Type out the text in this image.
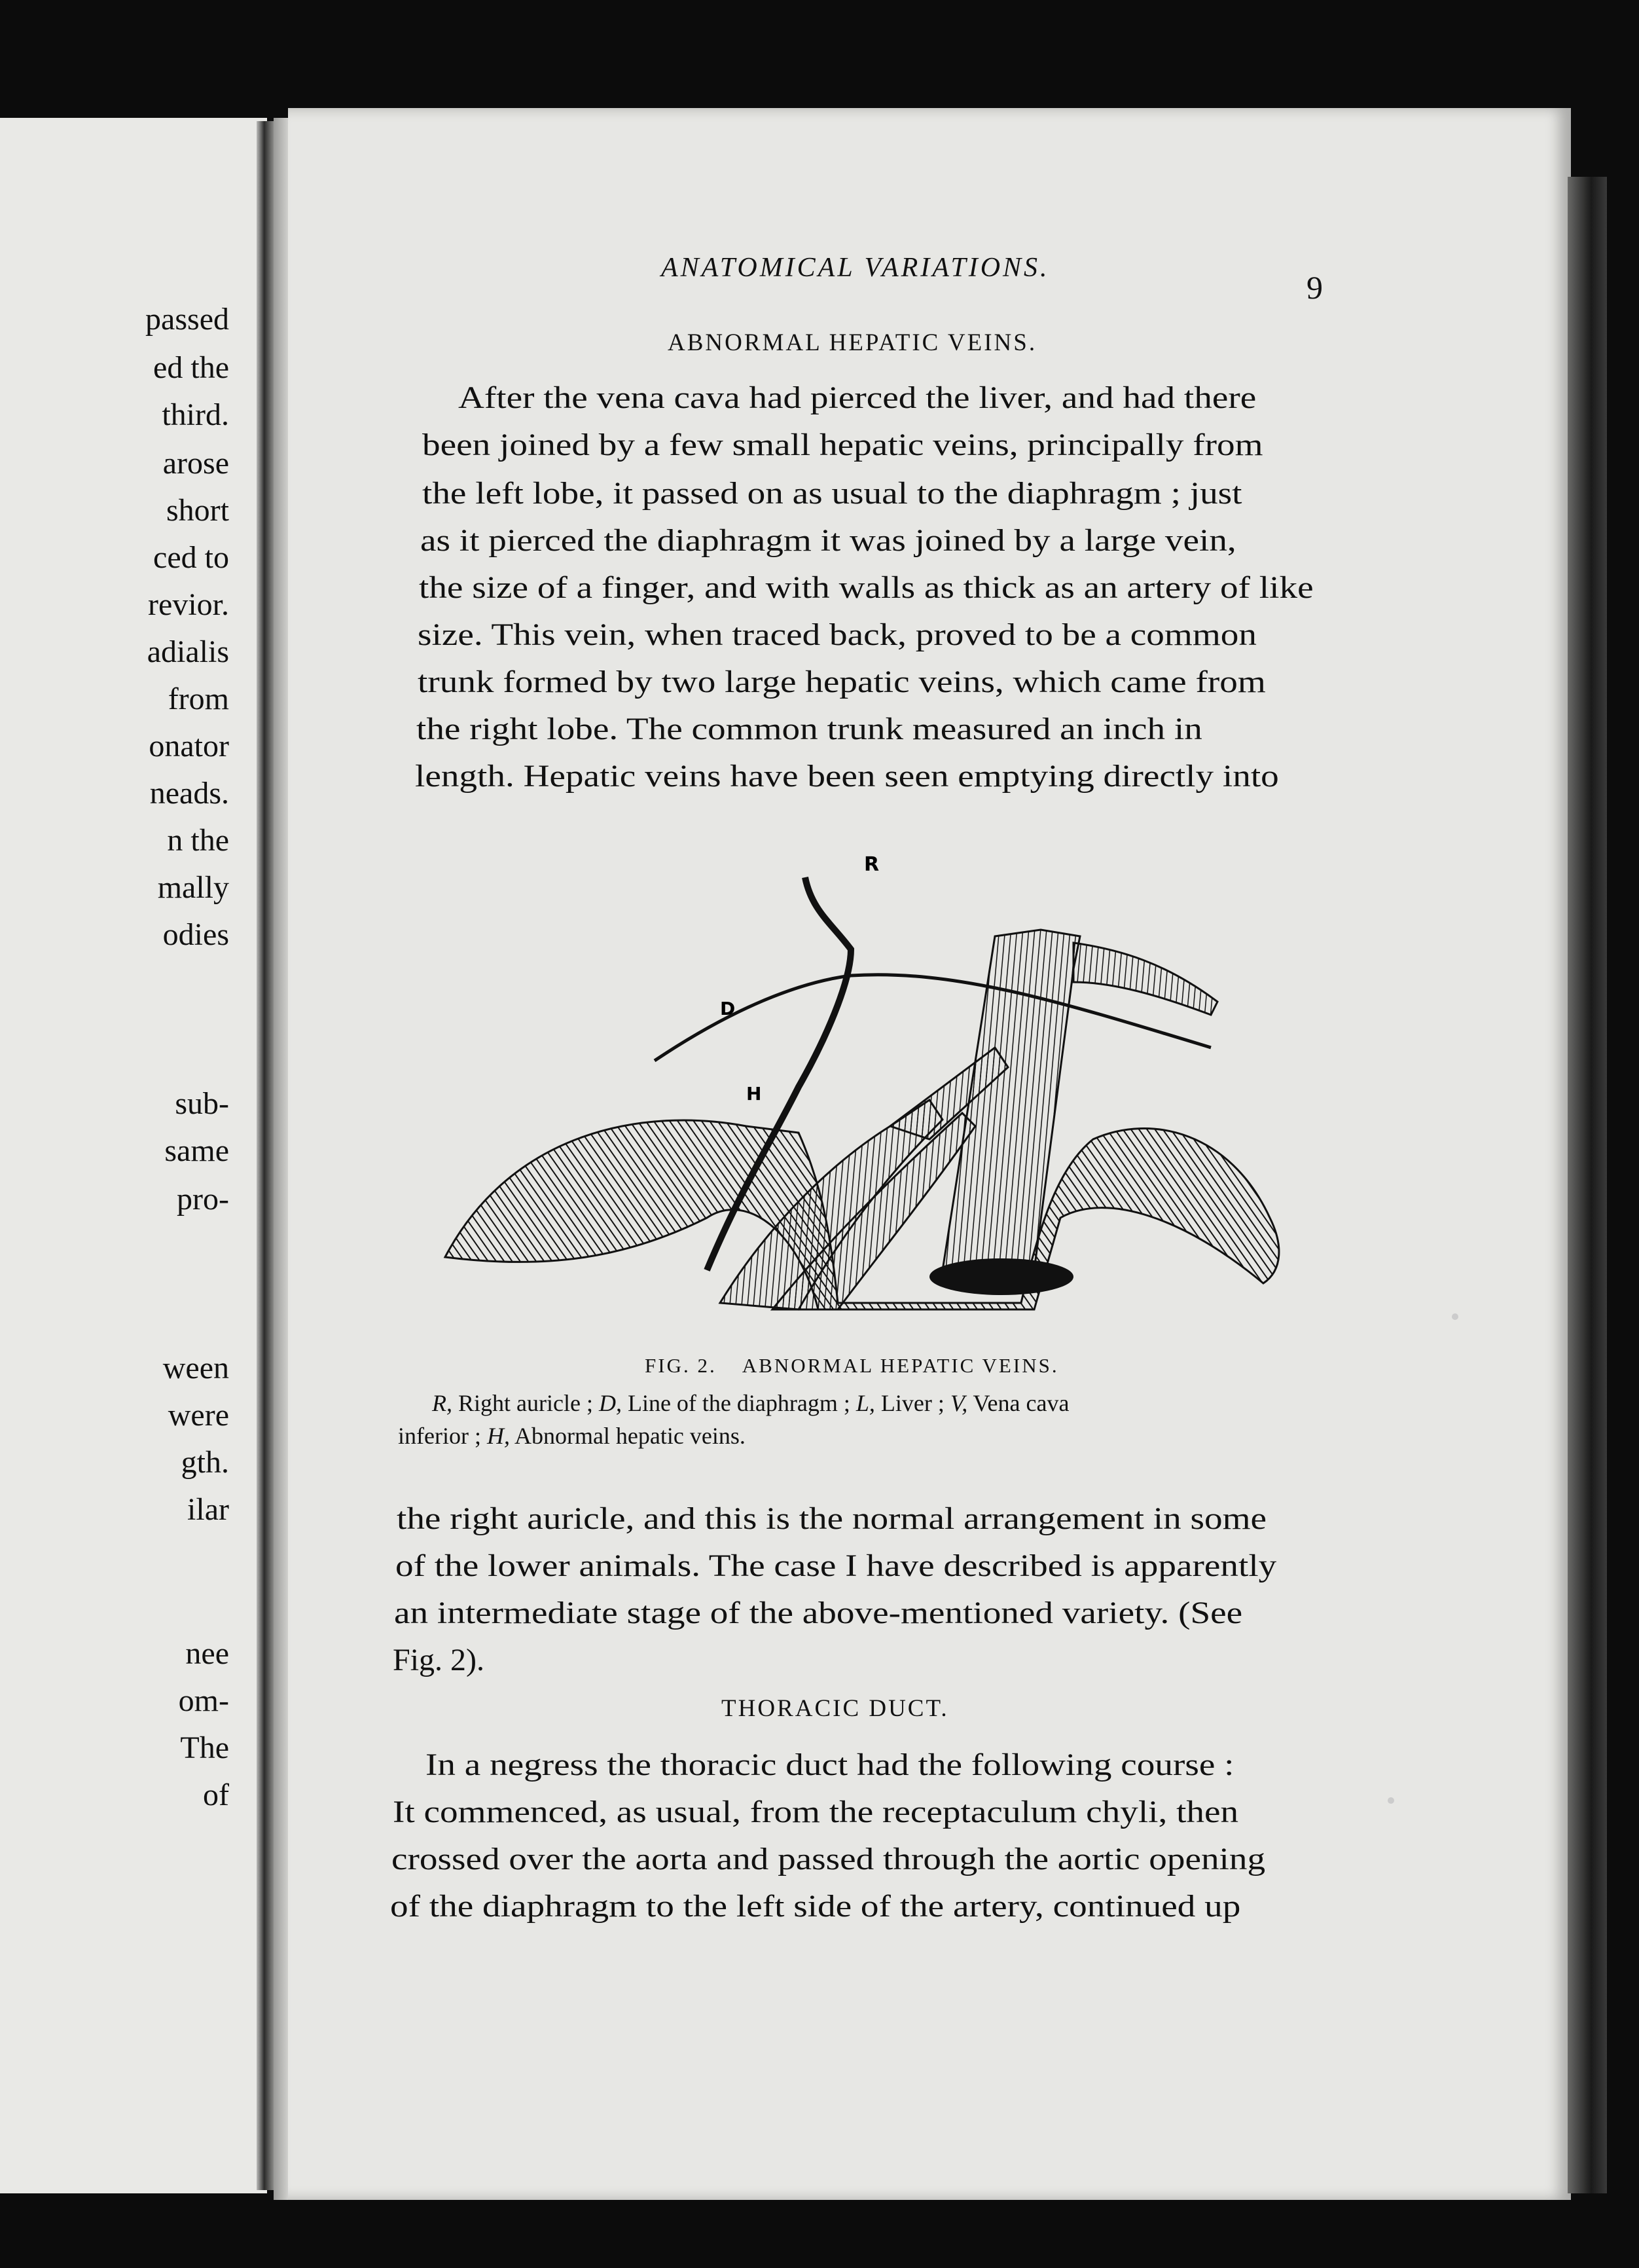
passed
ed the
third.
arose
short
ced to
revior.
adialis
from
onator
neads.
n the
mally
odies
sub-
same
pro-
ween
were
gth.
ilar
nee
om-
The
of
ANATOMICAL VARIATIONS.
9
ABNORMAL HEPATIC VEINS.
After the vena cava had pierced the liver, and had there
been joined by a few small hepatic veins, principally from
the left lobe, it passed on as usual to the diaphragm ; just
as it pierced the diaphragm it was joined by a large vein,
the size of a finger, and with walls as thick as an artery of like
size. This vein, when traced back, proved to be a common
trunk formed by two large hepatic veins, which came from
the right lobe. The common trunk measured an inch in
length. Hepatic veins have been seen emptying directly into
R
D
H
FIG. 2. ABNORMAL HEPATIC VEINS.
R, Right auricle ; D, Line of the diaphragm ; L, Liver ; V, Vena cava
inferior ; H, Abnormal hepatic veins.
the right auricle, and this is the normal arrangement in some
of the lower animals. The case I have described is apparently
an intermediate stage of the above-mentioned variety. (See
Fig. 2).
THORACIC DUCT.
In a negress the thoracic duct had the following course :
It commenced, as usual, from the receptaculum chyli, then
crossed over the aorta and passed through the aortic opening
of the diaphragm to the left side of the artery, continued up
